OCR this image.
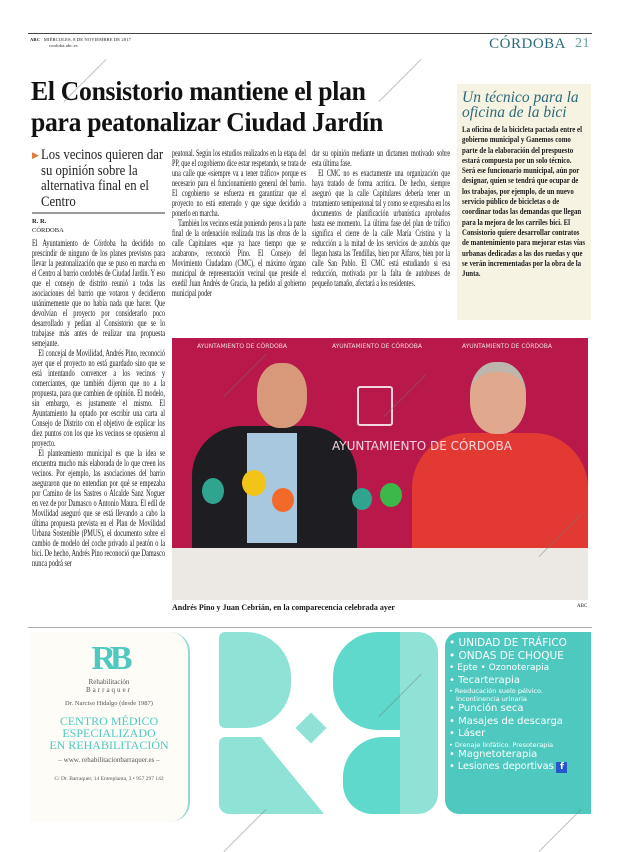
ABC MIÉRCOLES, 8 DE NOVIEMBRE DE 2017
cordoba.abc.es	CÓRDOBA 21
El Consistorio mantiene el plan
para peatonalizar Ciudad Jardín
▶ Los vecinos quieren dar su opinión sobre la alternativa final en el Centro
R. R.
CÓRDOBA

El Ayuntamiento de Córdoba ha decidido no prescindir de ninguno de los planes previstos para llevar la peatonalización que se puso en marcha en el Centro al barrio cordobés de Ciudad Jardín. Y eso que el consejo de distrito reunió a todas las asociaciones del barrio que votaron y decidieron unánimemente que no había nada que hacer. Que devolvían el proyecto por considerarlo poco desarrollado y pedían al Consistorio que se lo trabajase más antes de realizar una propuesta semejante.

El concejal de Movilidad, Andrés Pino, reconoció ayer que el proyecto no está guardado sino que se está intentando convencer a los vecinos y comerciantes, que también dijeron que no a la propuesta, para que cambien de opinión. El modelo, sin embargo, es justamente el mismo. El Ayuntamiento ha optado por escribir una carta al Consejo de Distrito con el objetivo de explicar los diez puntos con los que los vecinos se opusieron al proyecto.

El planteamiento municipal es que la idea se encuentra mucho más elaborada de lo que creen los vecinos. Por ejemplo, las asociaciones del barrio aseguraron que no entendían por qué se empezaba por Camino de los Sastres o Alcalde Sanz Noguer en vez de por Damasco o Antonio Maura. El edil de Movilidad aseguró que se está llevando a cabo la última propuesta prevista en el Plan de Movilidad Urbana Sostenible (PMUS), el documento sobre el cambio de modelo del coche privado al peatón o la bici. De hecho, Andrés Pino reconoció que Damasco nunca podrá ser

peatonal. Según los estudios realizados en la etapa del PP, que el cogobierno dice estar respetando, se trata de una calle que «siempre va a tener tráfico» porque es necesario para el funcionamiento general del barrio. El cogobierno se esfuerza en garantizar que el proyecto no está enterrado y que sigue decidido a ponerlo en marcha.

También los vecinos están poniendo peros a la parte final de la ordenación realizada tras las obras de la calle Capitulares «que ya hace tiempo que se acabaron», reconoció Pino. El Consejo del Movimiento Ciudadano (CMC), el máximo órgano municipal de representación vecinal que preside el exedil Juan Andrés de Gracia, ha pedido al gobierno municipal poder

dar su opinión mediante un dictamen motivado sobre esta última fase.

El CMC no es exactamente una organización que haya tratado de forma acrítica. De hecho, siempre aseguró que la calle Capitulares debería tener un tratamiento semipeatonal tal y como se expresaba en los documentos de planificación urbanística aprobados hasta ese momento. La última fase del plan de tráfico significa el cierre de la calle María Cristina y la reducción a la mitad de los servicios de autobús que llegan hasta las Tendillas, bien por Alfaros, bien por la calle San Pablo. El CMC está estudiando si esa reducción, motivada por la falta de autobuses de pequeño tamaño, afectará a los residentes.

Un técnico para la oficina de la bici
La oficina de la bicicleta pactada entre el gobierno municipal y Ganemos como parte de la elaboración del prespuesto estará compuesta por un solo técnico. Será ese funcionario municipal, aún por designar, quien se tendrá que ocupar de los trabajos, por ejemplo, de un nuevo servicio público de bicicletas o de coordinar todas las demandas que llegan para la mejora de los carriles bici. El Consistorio quiere desarrollar contratos de mantenimiento para mejorar estas vías urbanas dedicadas a las dos ruedas y que se verán incrementadas por la obra de la Junta.
AYUNTAMIENTO DE CÓRDOBA	AYUNTAMIENTO DE CÓRDOBA	AYUNTAMIENTO DE CÓRDOBA
AYUNTAMIENTO DE CÓRDOBA
Andrés Pino y Juan Cebrián, en la comparecencia celebrada ayer	ABC
RB
Rehabilitación
Barraquer
Dr. Narciso Hidalgo (desde 1987)
CENTRO MÉDICO
ESPECIALIZADO
EN REHABILITACIÓN
– www. rehabilitacionbarraquer.es –
C/ Dr. Barraquer, 14 Entreplanta, 3 • 957 297 142
• UNIDAD DE TRÁFICO
• ONDAS DE CHOQUE
• Epte • Ozonoterapia
• Tecarterapia
• Reeducación suelo pélvico.
Incontinencia urinaria
• Punción seca
• Masajes de descarga
• Láser
• Drenaje linfático. Presoterapia
• Magnetoterapia
• Lesiones deportivas f
